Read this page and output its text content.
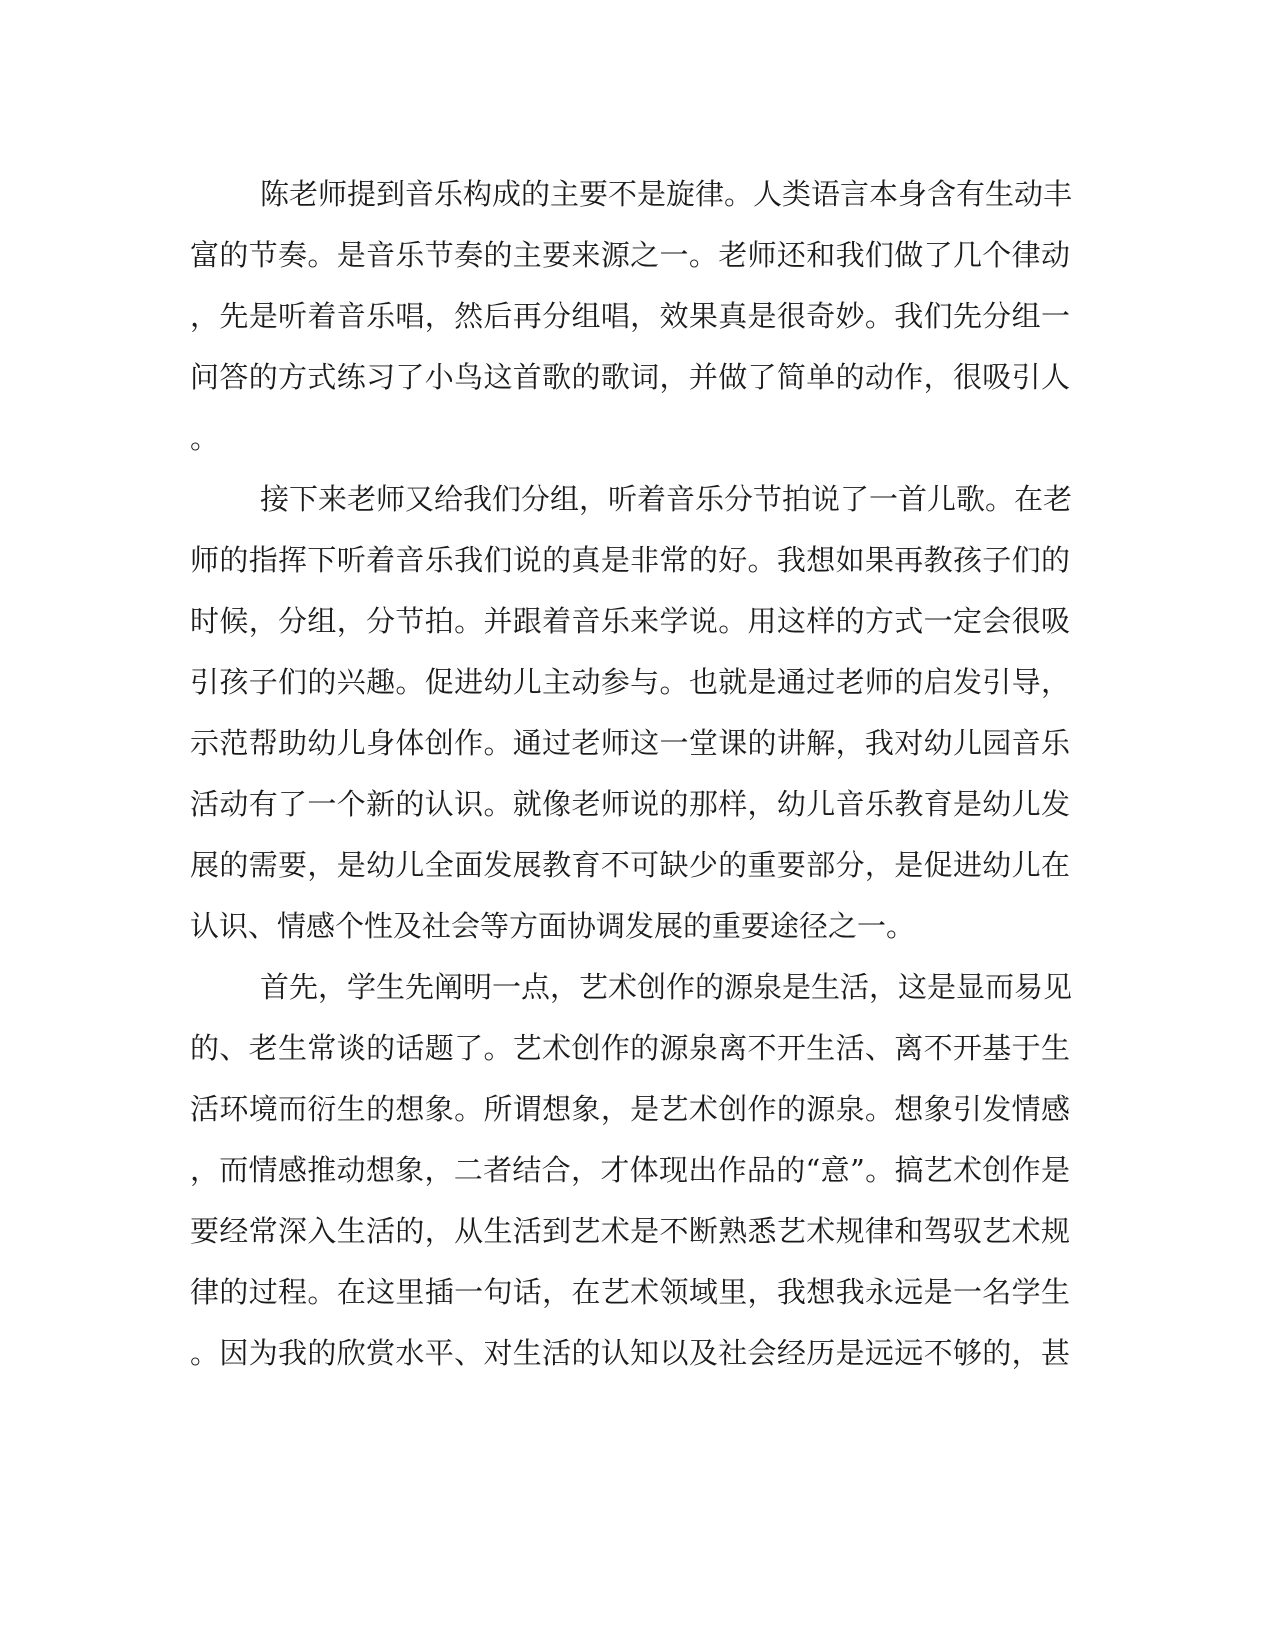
陈老师提到音乐构成的主要不是旋律。人类语言本身含有生动丰
富的节奏。是音乐节奏的主要来源之一。老师还和我们做了几个律动
，先是听着音乐唱，然后再分组唱，效果真是很奇妙。我们先分组一
问答的方式练习了小鸟这首歌的歌词，并做了简单的动作，很吸引人
。
接下来老师又给我们分组，听着音乐分节拍说了一首儿歌。在老
师的指挥下听着音乐我们说的真是非常的好。我想如果再教孩子们的
时候，分组，分节拍。并跟着音乐来学说。用这样的方式一定会很吸
引孩子们的兴趣。促进幼儿主动参与。也就是通过老师的启发引导，
示范帮助幼儿身体创作。通过老师这一堂课的讲解，我对幼儿园音乐
活动有了一个新的认识。就像老师说的那样，幼儿音乐教育是幼儿发
展的需要，是幼儿全面发展教育不可缺少的重要部分，是促进幼儿在
认识、情感个性及社会等方面协调发展的重要途径之一。
首先，学生先阐明一点，艺术创作的源泉是生活，这是显而易见
的、老生常谈的话题了。艺术创作的源泉离不开生活、离不开基于生
活环境而衍生的想象。所谓想象，是艺术创作的源泉。想象引发情感
，而情感推动想象，二者结合，才体现出作品的“意”。搞艺术创作是
要经常深入生活的，从生活到艺术是不断熟悉艺术规律和驾驭艺术规
律的过程。在这里插一句话，在艺术领域里，我想我永远是一名学生
。因为我的欣赏水平、对生活的认知以及社会经历是远远不够的，甚
